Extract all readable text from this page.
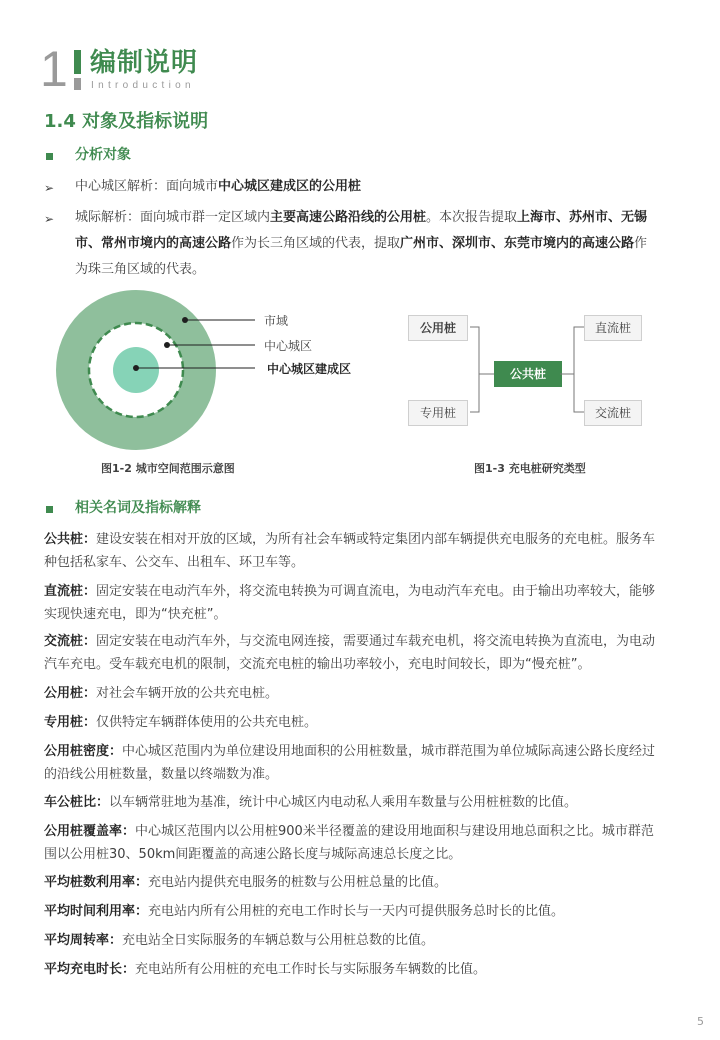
1 编制说明
Introduction
1.4 对象及指标说明
分析对象
➢ 中心城区解析：面向城市中心城区建成区的公用桩
➢ 城际解析：面向城市群一定区域内主要高速公路沿线的公用桩。本次报告提取上海市、苏州市、无锡
市、常州市境内的高速公路作为长三角区域的代表，提取广州市、深圳市、东莞市境内的高速公路作
为珠三角区域的代表。
市域
中心城区
中心城区建成区
图1-2 城市空间范围示意图
公用桩
专用桩
公共桩
直流桩
交流桩
图1-3 充电桩研究类型
相关名词及指标解释
公共桩：建设安装在相对开放的区域，为所有社会车辆或特定集团内部车辆提供充电服务的充电桩。服务车
种包括私家车、公交车、出租车、环卫车等。
直流桩：固定安装在电动汽车外，将交流电转换为可调直流电，为电动汽车充电。由于输出功率较大，能够
实现快速充电，即为“快充桩”。
交流桩：固定安装在电动汽车外，与交流电网连接，需要通过车载充电机，将交流电转换为直流电，为电动
汽车充电。受车载充电机的限制，交流充电桩的输出功率较小，充电时间较长，即为“慢充桩”。
公用桩：对社会车辆开放的公共充电桩。
专用桩：仅供特定车辆群体使用的公共充电桩。
公用桩密度：中心城区范围内为单位建设用地面积的公用桩数量，城市群范围为单位城际高速公路长度经过
的沿线公用桩数量，数量以终端数为准。
车公桩比：以车辆常驻地为基准，统计中心城区内电动私人乘用车数量与公用桩桩数的比值。
公用桩覆盖率：中心城区范围内以公用桩900米半径覆盖的建设用地面积与建设用地总面积之比。城市群范
围以公用桩30、50km间距覆盖的高速公路长度与城际高速总长度之比。
平均桩数利用率：充电站内提供充电服务的桩数与公用桩总量的比值。
平均时间利用率：充电站内所有公用桩的充电工作时长与一天内可提供服务总时长的比值。
平均周转率：充电站全日实际服务的车辆总数与公用桩总数的比值。
平均充电时长：充电站所有公用桩的充电工作时长与实际服务车辆数的比值。
5
